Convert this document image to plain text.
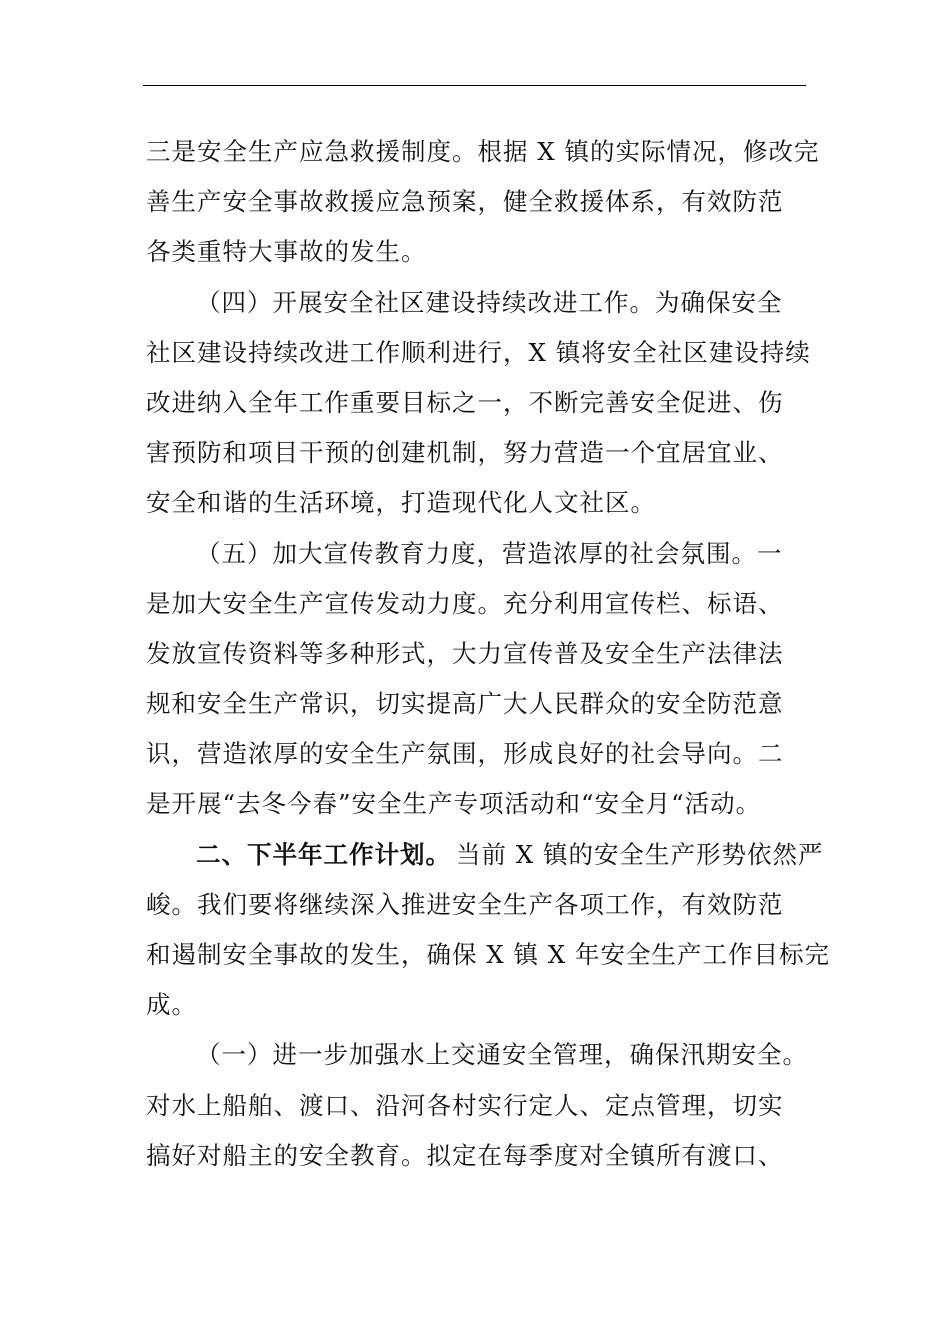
三是安全生产应急救援制度。根据 X 镇的实际情况，修改完
善生产安全事故救援应急预案，健全救援体系，有效防范
各类重特大事故的发生。
（四）开展安全社区建设持续改进工作。为确保安全
社区建设持续改进工作顺利进行，X 镇将安全社区建设持续
改进纳入全年工作重要目标之一，不断完善安全促进、伤
害预防和项目干预的创建机制，努力营造一个宜居宜业、
安全和谐的生活环境，打造现代化人文社区。
（五）加大宣传教育力度，营造浓厚的社会氛围。一
是加大安全生产宣传发动力度。充分利用宣传栏、标语、
发放宣传资料等多种形式，大力宣传普及安全生产法律法
规和安全生产常识，切实提高广大人民群众的安全防范意
识，营造浓厚的安全生产氛围，形成良好的社会导向。二
是开展“去冬今春”安全生产专项活动和“安全月“活动。
二、下半年工作计划。 当前 X 镇的安全生产形势依然严
峻。我们要将继续深入推进安全生产各项工作，有效防范
和遏制安全事故的发生，确保 X 镇 X 年安全生产工作目标完
成。
（一）进一步加强水上交通安全管理，确保汛期安全。
对水上船舶、渡口、沿河各村实行定人、定点管理，切实
搞好对船主的安全教育。拟定在每季度对全镇所有渡口、
